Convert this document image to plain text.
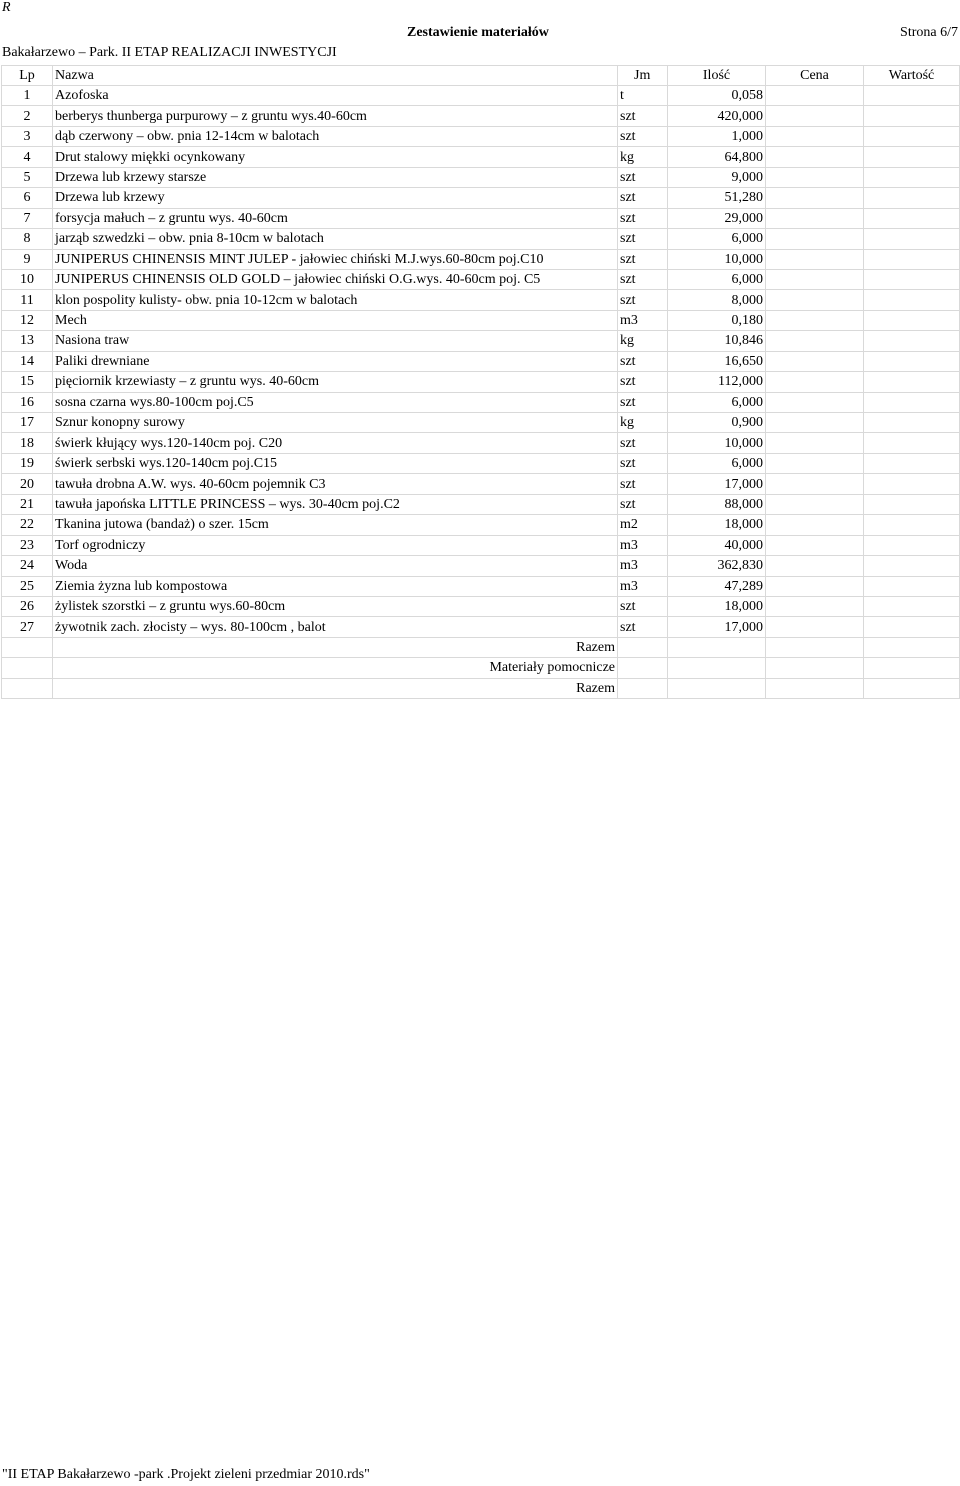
R
Zestawienie materiałów	Strona 6/7
Bakałarzewo – Park. II ETAP REALIZACJI INWESTYCJI
Lp	Nazwa	Jm	Ilość	Cena	Wartość
1	Azofoska	t	0,058		
2	berberys thunberga purpurowy – z gruntu wys.40-60cm	szt	420,000		
3	dąb czerwony – obw. pnia 12-14cm w balotach	szt	1,000		
4	Drut stalowy miękki ocynkowany	kg	64,800		
5	Drzewa lub krzewy starsze	szt	9,000		
6	Drzewa lub krzewy	szt	51,280		
7	forsycja małuch – z gruntu wys. 40-60cm	szt	29,000		
8	jarząb szwedzki – obw. pnia 8-10cm w balotach	szt	6,000		
9	JUNIPERUS CHINENSIS MINT JULEP - jałowiec chiński M.J.wys.60-80cm poj.C10	szt	10,000		
10	JUNIPERUS CHINENSIS OLD GOLD – jałowiec chiński O.G.wys. 40-60cm poj. C5	szt	6,000		
11	klon pospolity kulisty- obw. pnia 10-12cm w balotach	szt	8,000		
12	Mech	m3	0,180		
13	Nasiona traw	kg	10,846		
14	Paliki drewniane	szt	16,650		
15	pięciornik krzewiasty – z gruntu wys. 40-60cm	szt	112,000		
16	sosna czarna wys.80-100cm poj.C5	szt	6,000		
17	Sznur konopny surowy	kg	0,900		
18	świerk kłujący wys.120-140cm poj. C20	szt	10,000		
19	świerk serbski wys.120-140cm poj.C15	szt	6,000		
20	tawuła drobna A.W. wys. 40-60cm pojemnik C3	szt	17,000		
21	tawuła japońska LITTLE PRINCESS – wys. 30-40cm poj.C2	szt	88,000		
22	Tkanina jutowa (bandaż) o szer. 15cm	m2	18,000		
23	Torf ogrodniczy	m3	40,000		
24	Woda	m3	362,830		
25	Ziemia żyzna lub kompostowa	m3	47,289		
26	żylistek szorstki – z gruntu wys.60-80cm	szt	18,000		
27	żywotnik zach. złocisty – wys. 80-100cm , balot	szt	17,000		
	Razem				
	Materiały pomocnicze				
	Razem				
"II ETAP Bakałarzewo -park .Projekt zieleni przedmiar 2010.rds"
